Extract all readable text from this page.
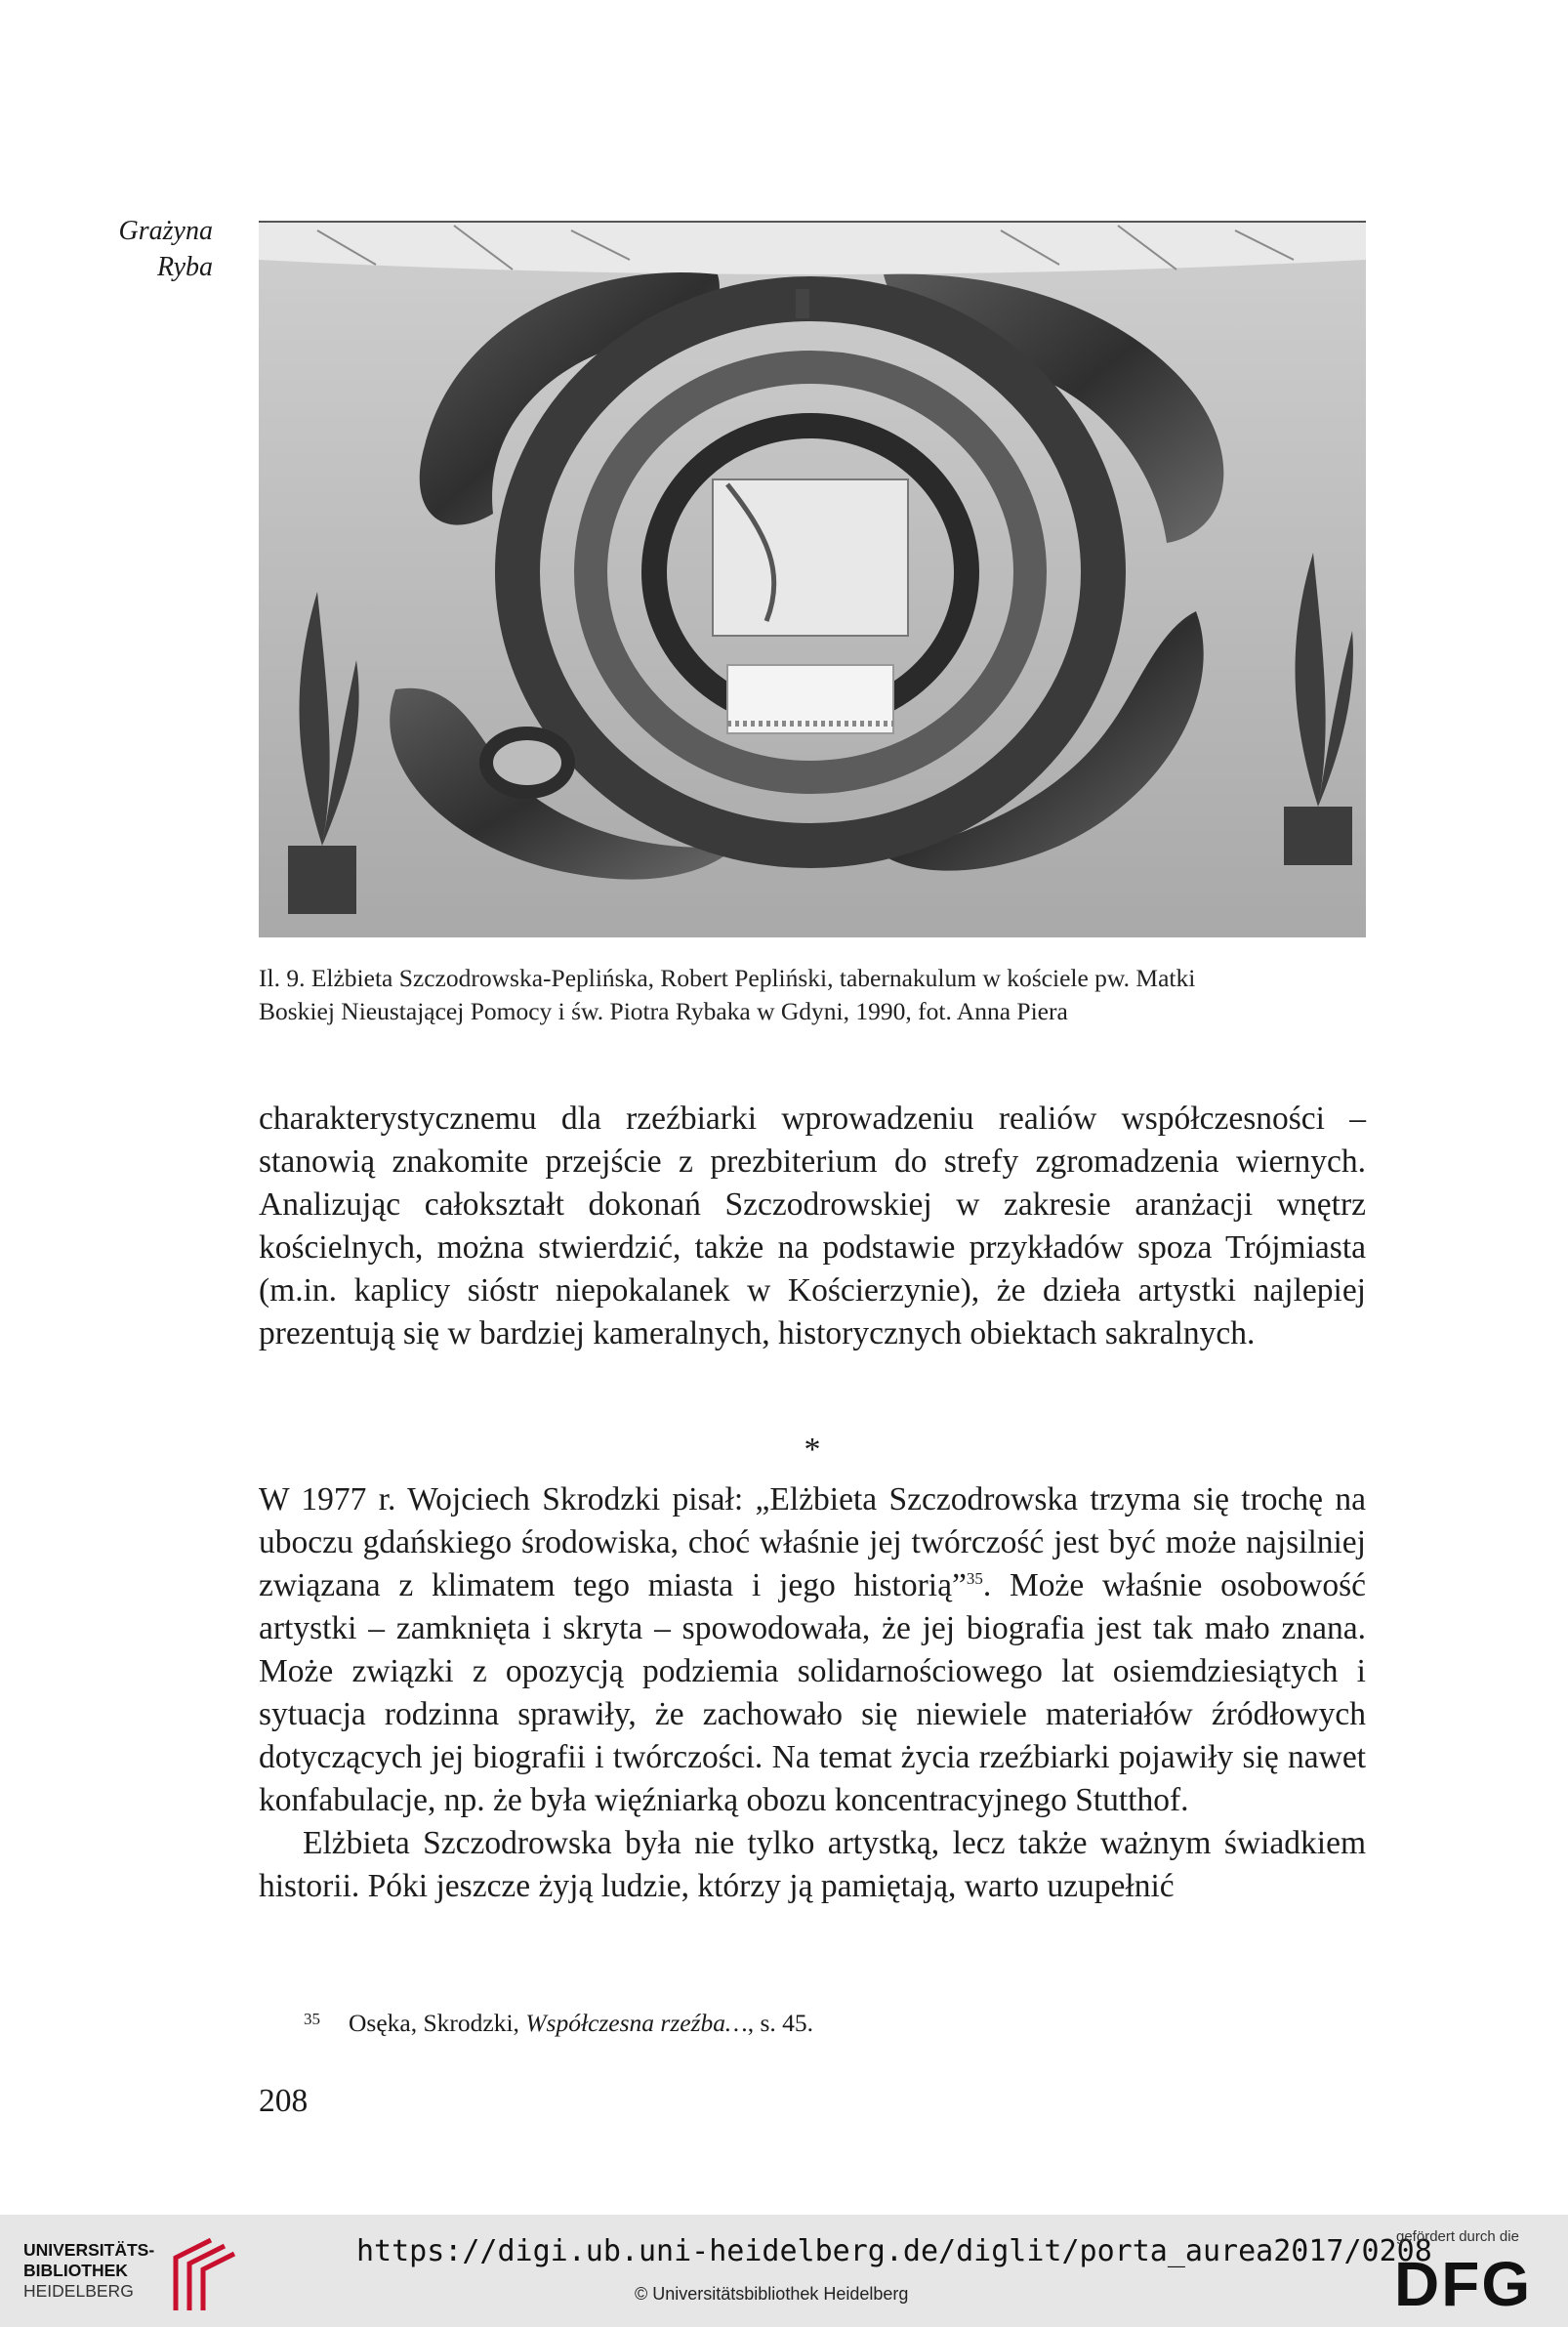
Grażyna
Ryba
Il. 9. Elżbieta Szczodrowska-Peplińska, Robert Pepliński, tabernakulum w kościele pw. Matki
Boskiej Nieustającej Pomocy i św. Piotra Rybaka w Gdyni, 1990, fot. Anna Piera

charakterystycznemu dla rzeźbiarki wprowadzeniu realiów współczesności – stanowią znakomite przejście z prezbiterium do strefy zgromadzenia wiernych. Analizując całokształt dokonań Szczodrowskiej w zakresie aranżacji wnętrz kościelnych, można stwierdzić, także na podstawie przykładów spoza Trójmiasta (m.in. kaplicy sióstr niepokalanek w Kościerzynie), że dzieła artystki najlepiej prezentują się w bardziej kameralnych, historycznych obiektach sakralnych.

*

W 1977 r. Wojciech Skrodzki pisał: „Elżbieta Szczodrowska trzyma się trochę na uboczu gdańskiego środowiska, choć właśnie jej twórczość jest być może najsilniej związana z klimatem tego miasta i jego historią”$^{35}$. Może właśnie osobowość artystki – zamknięta i skryta – spowodowała, że jej biografia jest tak mało znana. Może związki z opozycją podziemia solidarnościowego lat osiemdziesiątych i sytuacja rodzinna sprawiły, że zachowało się niewiele materiałów źródłowych dotyczących jej biografii i twórczości. Na temat życia rzeźbiarki pojawiły się nawet konfabulacje, np. że była więźniarką obozu koncentracyjnego Stutthof.

Elżbieta Szczodrowska była nie tylko artystką, lecz także ważnym świadkiem historii. Póki jeszcze żyją ludzie, którzy ją pamiętają, warto uzupełnić

35 Osęka, Skrodzki, Współczesna rzeźba…, s. 45.
208
UNIVERSITÄTS-
BIBLIOTHEK
HEIDELBERG
https://digi.ub.uni-heidelberg.de/diglit/porta_aurea2017/0208
© Universitätsbibliothek Heidelberg
gefördert durch die
DFG
